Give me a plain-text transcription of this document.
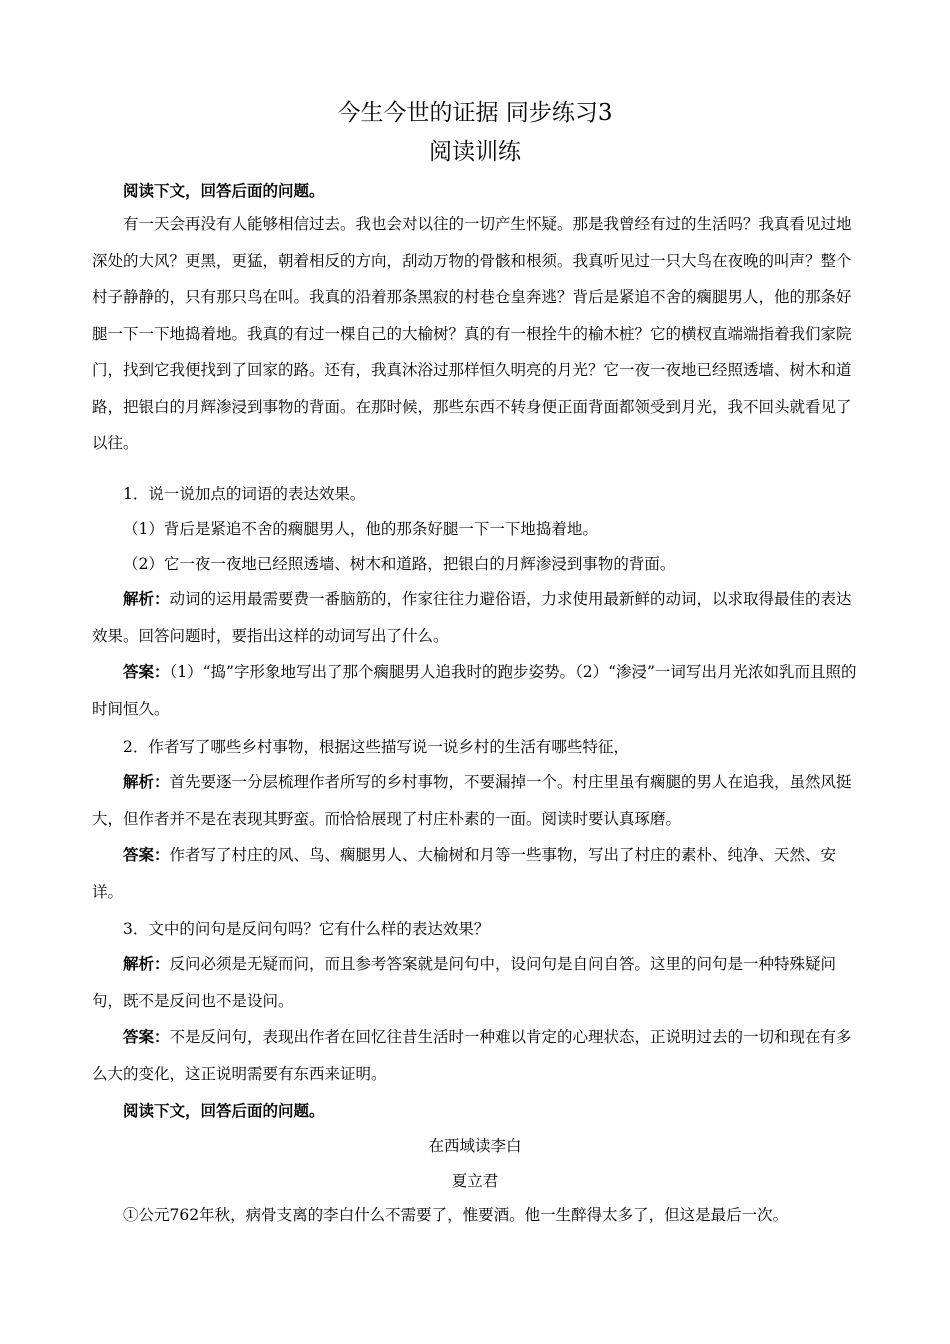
今生今世的证据 同步练习3
阅读训练
阅读下文，回答后面的问题。
有一天会再没有人能够相信过去。我也会对以往的一切产生怀疑。那是我曾经有过的生活吗？我真看见过地深处的大风？更黑，更猛，朝着相反的方向，刮动万物的骨骸和根须。我真听见过一只大鸟在夜晚的叫声？整个村子静静的，只有那只鸟在叫。我真的沿着那条黑寂的村巷仓皇奔逃？背后是紧追不舍的瘸腿男人，他的那条好腿一下一下地捣着地。我真的有过一棵自己的大榆树？真的有一根拴牛的榆木桩？它的横杈直端端指着我们家院门，找到它我便找到了回家的路。还有，我真沐浴过那样恒久明亮的月光？它一夜一夜地已经照透墙、树木和道路，把银白的月辉渗浸到事物的背面。在那时候，那些东西不转身便正面背面都领受到月光，我不回头就看见了以往。
1．说一说加点的词语的表达效果。
（1）背后是紧追不舍的瘸腿男人，他的那条好腿一下一下地捣着地。
（2）它一夜一夜地已经照透墙、树木和道路，把银白的月辉渗浸到事物的背面。
解析：动词的运用最需要费一番脑筋的，作家往往力避俗语，力求使用最新鲜的动词，以求取得最佳的表达效果。回答问题时，要指出这样的动词写出了什么。
答案：（1）“捣”字形象地写出了那个瘸腿男人追我时的跑步姿势。（2）“渗浸”一词写出月光浓如乳而且照的时间恒久。
2．作者写了哪些乡村事物，根据这些描写说一说乡村的生活有哪些特征，
解析：首先要逐一分层梳理作者所写的乡村事物，不要漏掉一个。村庄里虽有瘸腿的男人在追我，虽然风挺大，但作者并不是在表现其野蛮。而恰恰展现了村庄朴素的一面。阅读时要认真琢磨。
答案：作者写了村庄的风、鸟、瘸腿男人、大榆树和月等一些事物，写出了村庄的素朴、纯净、天然、安详。
3．文中的问句是反问句吗？它有什么样的表达效果？
解析：反问必须是无疑而问，而且参考答案就是问句中，设问句是自问自答。这里的问句是一种特殊疑问句，既不是反问也不是设问。
答案：不是反问句，表现出作者在回忆往昔生活时一种难以肯定的心理状态，正说明过去的一切和现在有多么大的变化，这正说明需要有东西来证明。
阅读下文，回答后面的问题。
在西域读李白
夏立君
①公元762年秋，病骨支离的李白什么不需要了，惟要酒。他一生醉得太多了，但这是最后一次。
